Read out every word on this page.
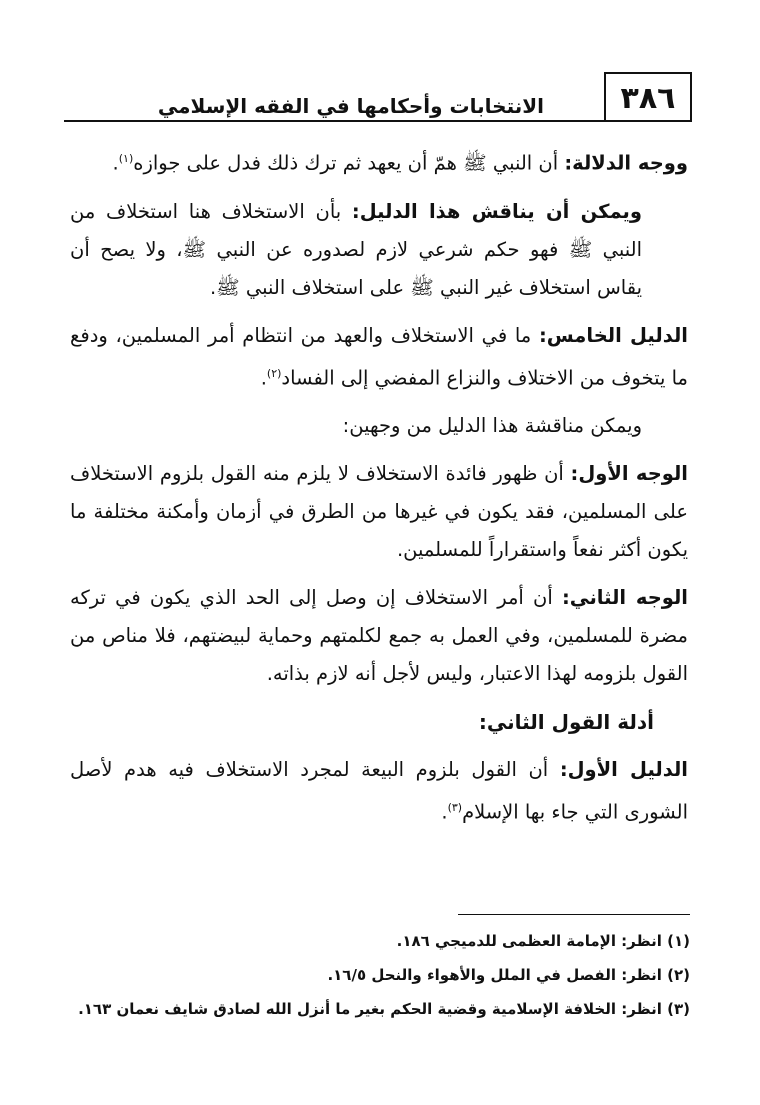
٣٨٦
الانتخابات وأحكامها في الفقه الإسلامي

ووجه الدلالة: أن النبي ﷺ همّ أن يعهد ثم ترك ذلك فدل على جوازه$^{(١)}$.

ويمكن أن يناقش هذا الدليل: بأن الاستخلاف هنا استخلاف من النبي ﷺ فهو حكم شرعي لازم لصدوره عن النبي ﷺ، ولا يصح أن يقاس استخلاف غير النبي ﷺ على استخلاف النبي ﷺ.

الدليل الخامس: ما في الاستخلاف والعهد من انتظام أمر المسلمين، ودفع ما يتخوف من الاختلاف والنزاع المفضي إلى الفساد$^{(٢)}$.

ويمكن مناقشة هذا الدليل من وجهين:

الوجه الأول: أن ظهور فائدة الاستخلاف لا يلزم منه القول بلزوم الاستخلاف على المسلمين، فقد يكون في غيرها من الطرق في أزمان وأمكنة مختلفة ما يكون أكثر نفعاً واستقراراً للمسلمين.

الوجه الثاني: أن أمر الاستخلاف إن وصل إلى الحد الذي يكون في تركه مضرة للمسلمين، وفي العمل به جمع لكلمتهم وحماية لبيضتهم، فلا مناص من القول بلزومه لهذا الاعتبار، وليس لأجل أنه لازم بذاته.

أدلة القول الثاني:

الدليل الأول: أن القول بلزوم البيعة لمجرد الاستخلاف فيه هدم لأصل الشورى التي جاء بها الإسلام$^{(٣)}$.

(١) انظر: الإمامة العظمى للدميجي ١٨٦.
(٢) انظر: الفصل في الملل والأهواء والنحل ١٦/٥.
(٣) انظر: الخلافة الإسلامية وقضية الحكم بغير ما أنزل الله لصادق شايف نعمان ١٦٣.
